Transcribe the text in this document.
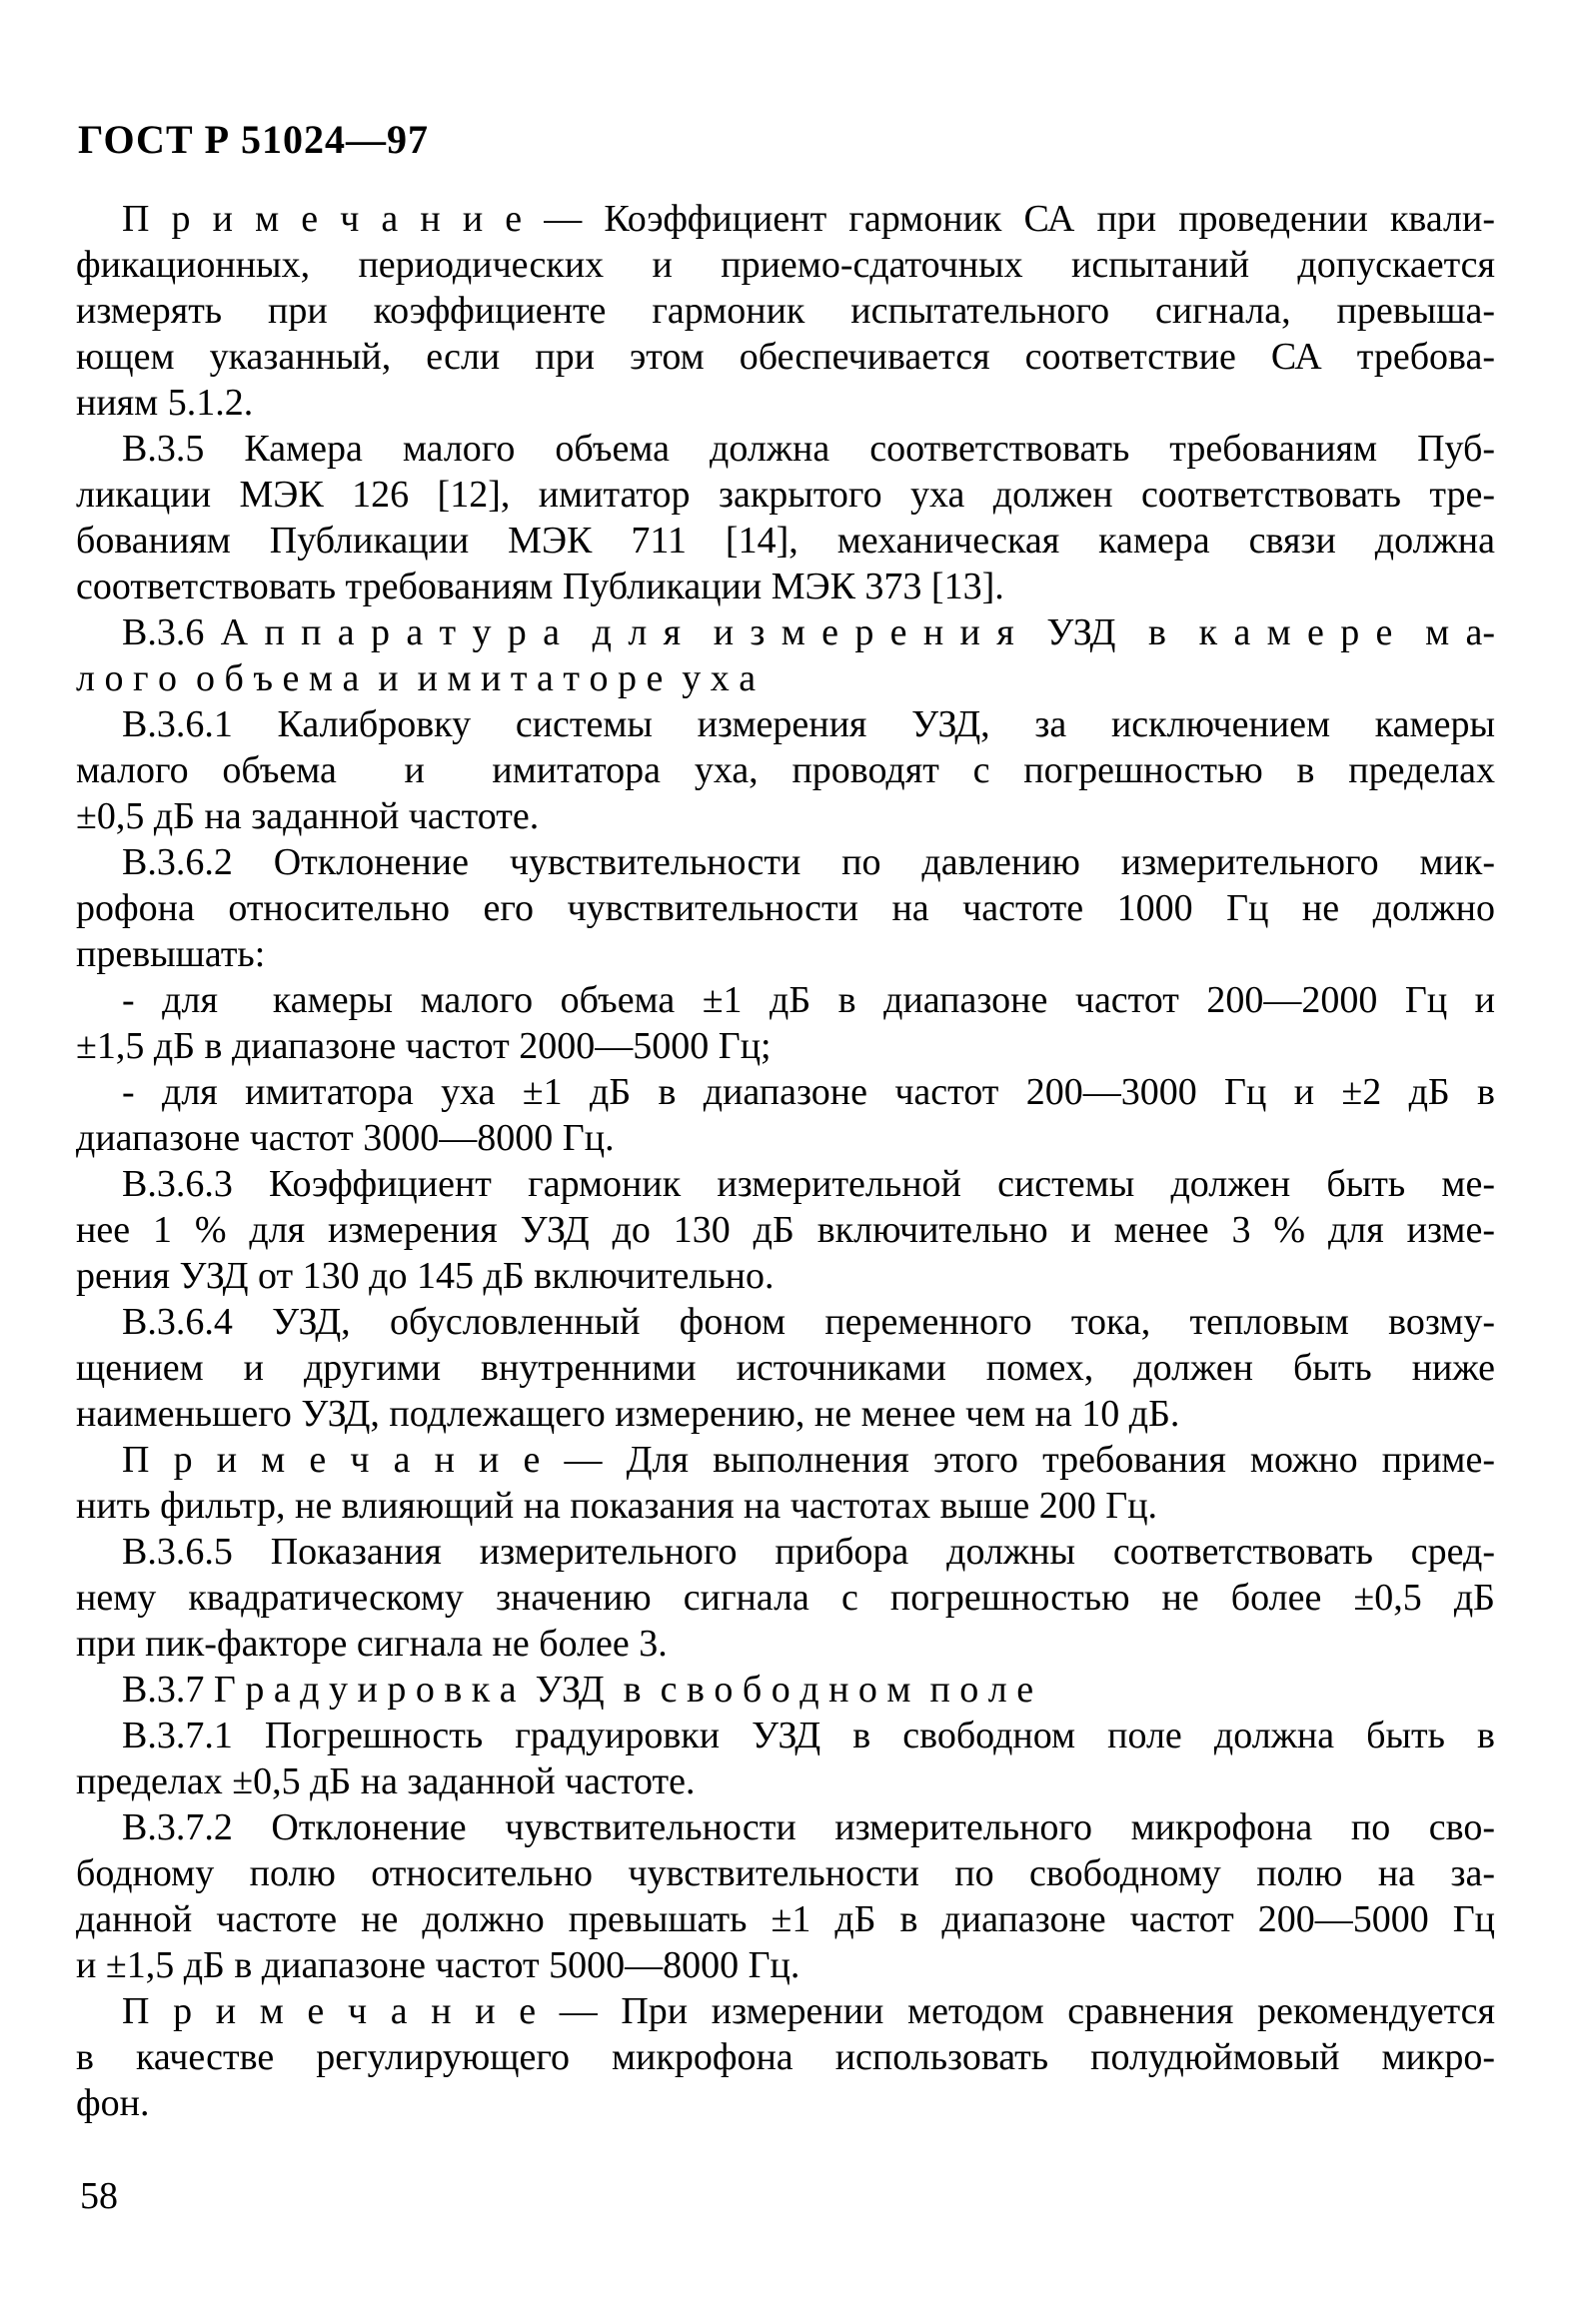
ГОСТ Р 51024—97
П р и м е ч а н и е — Коэффициент гармоник СА при проведении квали-
фикационных, периодических и приемо-сдаточных испытаний допускается
измерять при коэффициенте гармоник испытательного сигнала, превыша-
ющем указанный, если при этом обеспечивается соответствие СА требова-
ниям 5.1.2.
В.3.5 Камера малого объема должна соответствовать требованиям Пуб-
ликации МЭК 126 [12], имитатор закрытого уха должен соответствовать тре-
бованиям Публикации МЭК 711 [14], механическая камера связи должна
соответствовать требованиям Публикации МЭК 373 [13].
В.3.6 А п п а р а т у р а  д л я  и з м е р е н и я  УЗД  в  к а м е р е  м а-
л о г о  о б ъ е м а  и  и м и т а т о р е  у х а
В.3.6.1 Калибровку системы измерения УЗД, за исключением камеры
малого объема  и  имитатора уха, проводят с погрешностью в пределах
±0,5 дБ на заданной частоте.
В.3.6.2 Отклонение чувствительности по давлению измерительного мик-
рофона относительно его чувствительности на частоте 1000 Гц не должно
превышать:
- для  камеры малого объема ±1 дБ в диапазоне частот 200—2000 Гц и
±1,5 дБ в диапазоне частот 2000—5000 Гц;
- для имитатора уха ±1 дБ в диапазоне частот 200—3000 Гц и ±2 дБ в
диапазоне частот 3000—8000 Гц.
В.3.6.3 Коэффициент гармоник измерительной системы должен быть ме-
нее 1 % для измерения УЗД до 130 дБ включительно и менее 3 % для изме-
рения УЗД от 130 до 145 дБ включительно.
В.3.6.4 УЗД, обусловленный фоном переменного тока, тепловым возму-
щением и другими внутренними источниками помех, должен быть ниже
наименьшего УЗД, подлежащего измерению, не менее чем на 10 дБ.
П р и м е ч а н и е — Для выполнения этого требования можно приме-
нить фильтр, не влияющий на показания на частотах выше 200 Гц.
В.3.6.5 Показания измерительного прибора должны соответствовать сред-
нему квадратическому значению сигнала с погрешностью не более ±0,5 дБ
при пик-факторе сигнала не более 3.
В.3.7 Г р а д у и р о в к а  УЗД  в  с в о б о д н о м  п о л е
В.3.7.1 Погрешность градуировки УЗД в свободном поле должна быть в
пределах ±0,5 дБ на заданной частоте.
В.3.7.2 Отклонение чувствительности измерительного микрофона по сво-
бодному полю относительно чувствительности по свободному полю на за-
данной частоте не должно превышать ±1 дБ в диапазоне частот 200—5000 Гц
и ±1,5 дБ в диапазоне частот 5000—8000 Гц.
П р и м е ч а н и е — При измерении методом сравнения рекомендуется
в качестве регулирующего микрофона использовать полудюймовый микро-
фон.
58
